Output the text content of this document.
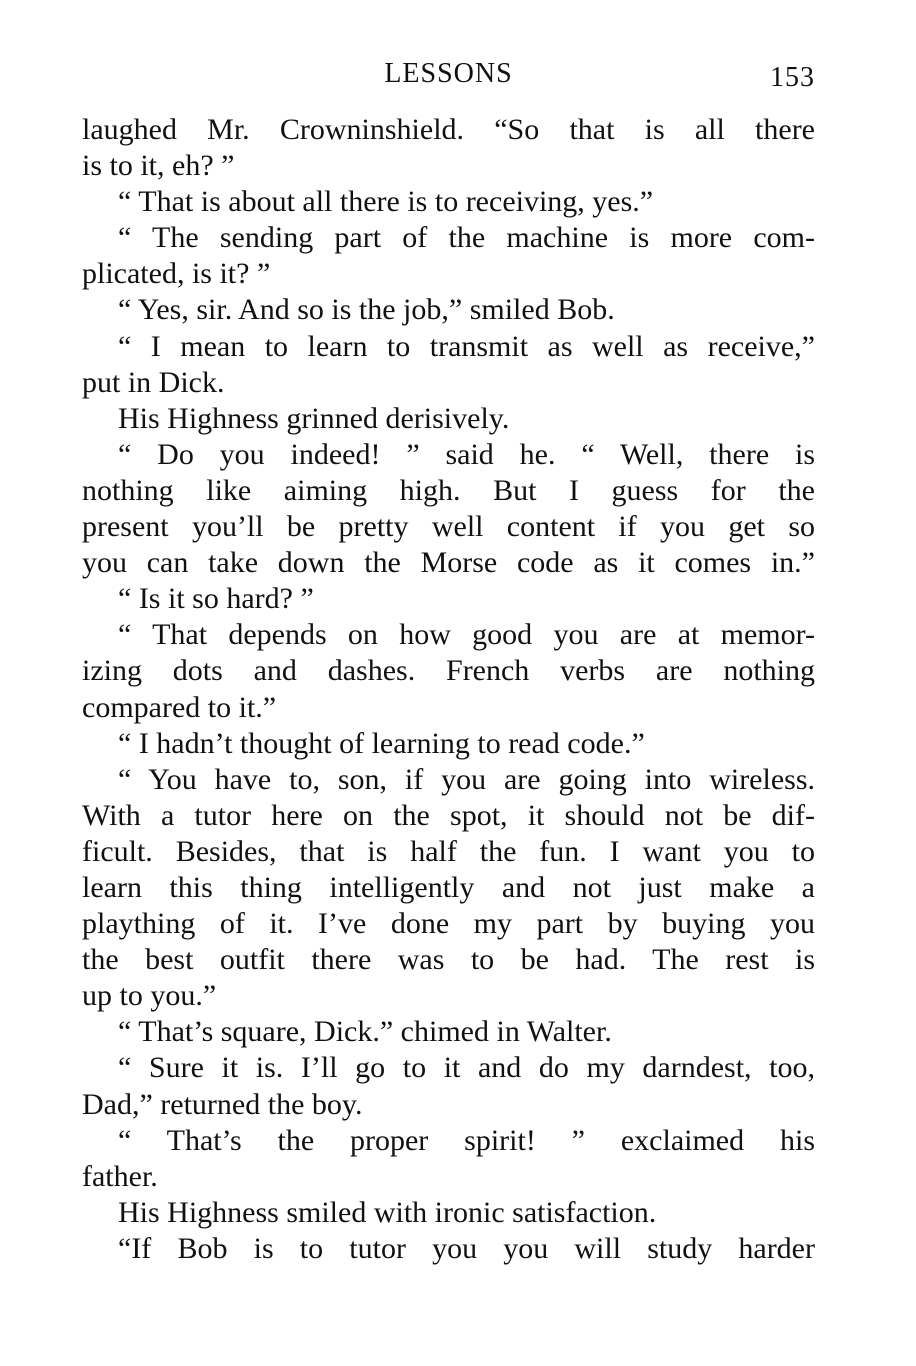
LESSONS	153
laughed Mr. Crowninshield. “So that is all there
is to it, eh? ”
“ That is about all there is to receiving, yes.”
“ The sending part of the machine is more com-
plicated, is it? ”
“ Yes, sir. And so is the job,” smiled Bob.
“ I mean to learn to transmit as well as receive,”
put in Dick.
His Highness grinned derisively.
“ Do you indeed! ” said he. “ Well, there is
nothing like aiming high. But I guess for the
present you’ll be pretty well content if you get so
you can take down the Morse code as it comes in.”
“ Is it so hard? ”
“ That depends on how good you are at memor-
izing dots and dashes. French verbs are nothing
compared to it.”
“ I hadn’t thought of learning to read code.”
“ You have to, son, if you are going into wireless.
With a tutor here on the spot, it should not be dif-
ficult. Besides, that is half the fun. I want you to
learn this thing intelligently and not just make a
plaything of it. I’ve done my part by buying you
the best outfit there was to be had. The rest is
up to you.”
“ That’s square, Dick.” chimed in Walter.
“ Sure it is. I’ll go to it and do my darndest, too,
Dad,” returned the boy.
“ That’s the proper spirit! ” exclaimed his
father.
His Highness smiled with ironic satisfaction.
“If Bob is to tutor you you will study harder
